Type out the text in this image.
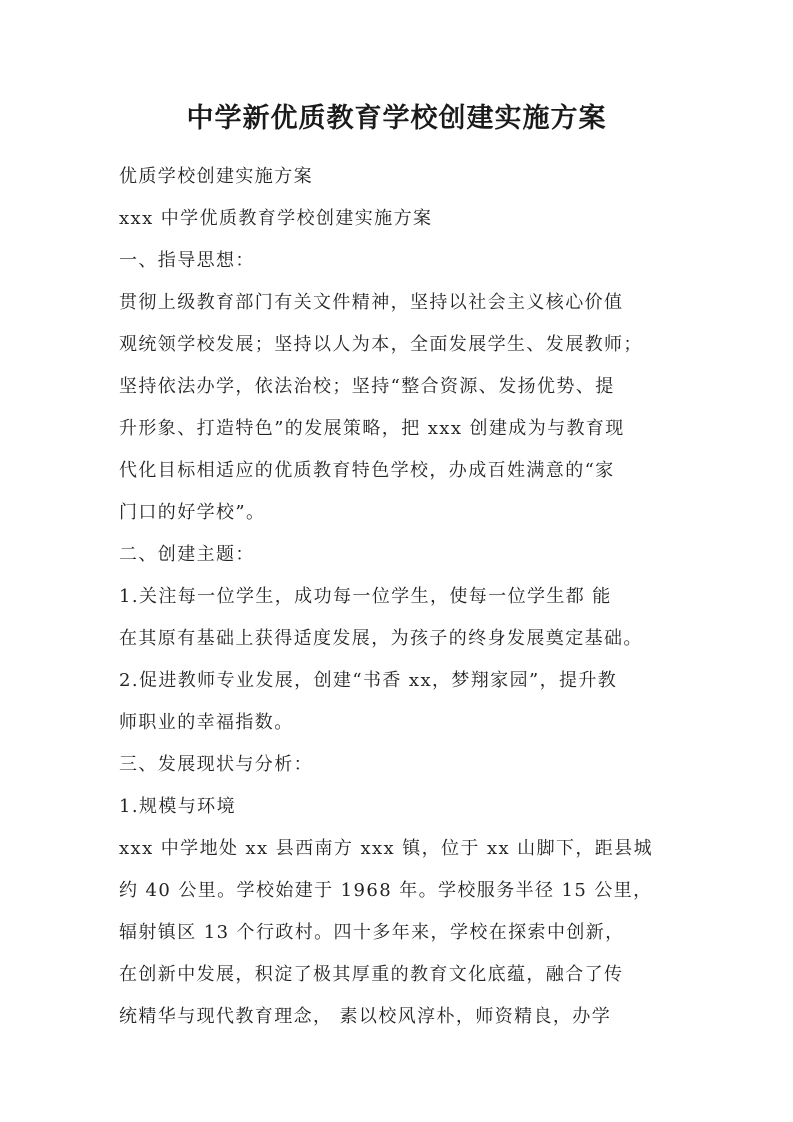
中学新优质教育学校创建实施方案
优质学校创建实施方案
xxx 中学优质教育学校创建实施方案
一、指导思想：
贯彻上级教育部门有关文件精神，坚持以社会主义核心价值
观统领学校发展；坚持以人为本，全面发展学生、发展教师；
坚持依法办学，依法治校；坚持“整合资源、发扬优势、提
升形象、打造特色”的发展策略，把 xxx 创建成为与教育现
代化目标相适应的优质教育特色学校，办成百姓满意的“家
门口的好学校”。
二、创建主题：
1.关注每一位学生，成功每一位学生，使每一位学生都 能
在其原有基础上获得适度发展，为孩子的终身发展奠定基础。
2.促进教师专业发展，创建“书香 xx，梦翔家园”，提升教
师职业的幸福指数。
三、发展现状与分析：
1.规模与环境
xxx 中学地处 xx 县西南方 xxx 镇，位于 xx 山脚下，距县城
约 40 公里。学校始建于 1968 年。学校服务半径 15 公里，
辐射镇区 13 个行政村。四十多年来，学校在探索中创新，
在创新中发展，积淀了极其厚重的教育文化底蕴，融合了传
统精华与现代教育理念， 素以校风淳朴，师资精良，办学
